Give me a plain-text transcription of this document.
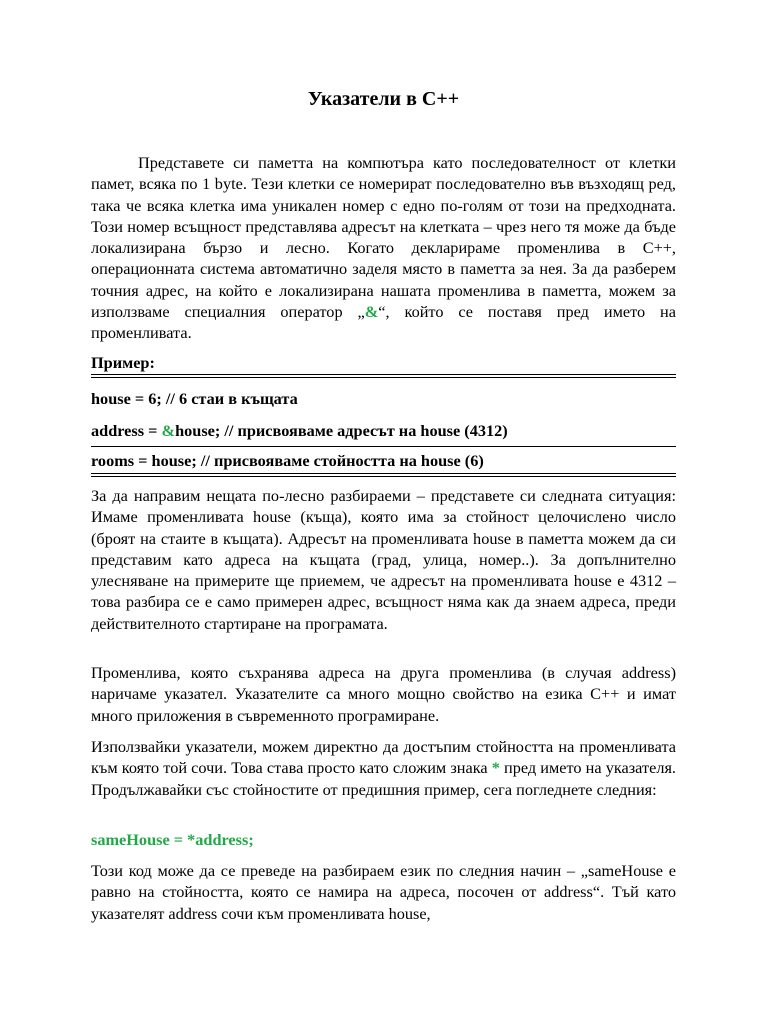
Указатели в C++

Представете си паметта на компютъра като последователност от клетки памет, всяка по 1 byte. Тези клетки се номерират последователно във възходящ ред, така че всяка клетка има уникален номер с едно по-голям от този на предходната. Този номер всъщност представлява адресът на клетката – чрез него тя може да бъде локализирана бързо и лесно. Когато декларираме променлива в C++, операционната система автоматично заделя място в паметта за нея. За да разберем точния адрес, на който е локализирана нашата променлива в паметта, можем за използваме специалния оператор „&“, който се поставя пред името на променливата.

Пример:
house = 6; // 6 стаи в къщата
address = &house; // присвояваме адресът на house (4312)
rooms = house; // присвояваме стойността на house (6)

За да направим нещата по-лесно разбираеми – представете си следната ситуация: Имаме променливата house (къща), която има за стойност целочислено число (броят на стаите в къщата). Адресът на променливата house в паметта можем да си представим като адреса на къщата (град, улица, номер..). За допълнително улесняване на примерите ще приемем, че адресът на променливата house е 4312 – това разбира се е само примерен адрес, всъщност няма как да знаем адреса, преди действителното стартиране на програмата.

Променлива, която съхранява адреса на друга променлива (в случая address) наричаме указател. Указателите са много мощно свойство на езика C++ и имат много приложения в съвременното програмиране.

Използвайки указатели, можем директно да достъпим стойността на променливата към която той сочи. Това става просто като сложим знака * пред името на указателя. Продължавайки със стойностите от предишния пример, сега погледнете следния:

sameHouse = *address;

Този код може да се преведе на разбираем език по следния начин – „sameHouse е равно на стойността, която се намира на адреса, посочен от address“. Тъй като указателят address сочи към променливата house,
